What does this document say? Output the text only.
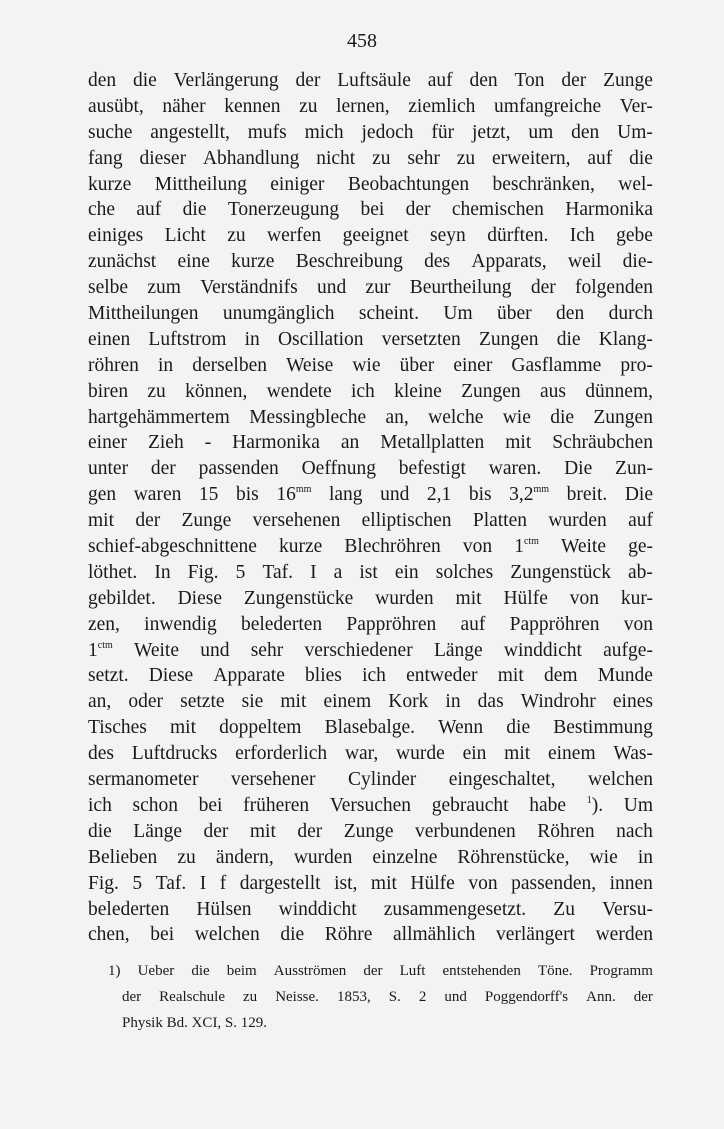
458
den die Verlängerung der Luftsäule auf den Ton der Zunge
ausübt, näher kennen zu lernen, ziemlich umfangreiche Ver-
suche angestellt, mufs mich jedoch für jetzt, um den Um-
fang dieser Abhandlung nicht zu sehr zu erweitern, auf die
kurze Mittheilung einiger Beobachtungen beschränken, wel-
che auf die Tonerzeugung bei der chemischen Harmonika
einiges Licht zu werfen geeignet seyn dürften. Ich gebe
zunächst eine kurze Beschreibung des Apparats, weil die-
selbe zum Verständnifs und zur Beurtheilung der folgenden
Mittheilungen unumgänglich scheint. Um über den durch
einen Luftstrom in Oscillation versetzten Zungen die Klang-
röhren in derselben Weise wie über einer Gasflamme pro-
biren zu können, wendete ich kleine Zungen aus dünnem,
hartgehämmertem Messingbleche an, welche wie die Zungen
einer Zieh - Harmonika an Metallplatten mit Schräubchen
unter der passenden Oeffnung befestigt waren. Die Zun-
gen waren 15 bis $16^{mm}$ lang und 2,1 bis $3,2^{mm}$ breit. Die
mit der Zunge versehenen elliptischen Platten wurden auf
schief-abgeschnittene kurze Blechröhren von $1^{ctm}$ Weite ge-
löthet. In Fig. 5 Taf. I a ist ein solches Zungenstück ab-
gebildet. Diese Zungenstücke wurden mit Hülfe von kur-
zen, inwendig belederten Pappröhren auf Pappröhren von
$1^{ctm}$ Weite und sehr verschiedener Länge winddicht aufge-
setzt. Diese Apparate blies ich entweder mit dem Munde
an, oder setzte sie mit einem Kork in das Windrohr eines
Tisches mit doppeltem Blasebalge. Wenn die Bestimmung
des Luftdrucks erforderlich war, wurde ein mit einem Was-
sermanometer versehener Cylinder eingeschaltet, welchen
ich schon bei früheren Versuchen gebraucht habe $^1$). Um
die Länge der mit der Zunge verbundenen Röhren nach
Belieben zu ändern, wurden einzelne Röhrenstücke, wie in
Fig. 5 Taf. I f dargestellt ist, mit Hülfe von passenden, innen
belederten Hülsen winddicht zusammengesetzt. Zu Versu-
chen, bei welchen die Röhre allmählich verlängert werden
1) Ueber die beim Ausströmen der Luft entstehenden Töne. Programm
der Realschule zu Neisse. 1853, S. 2 und Poggendorff's Ann. der
Physik Bd. XCI, S. 129.
